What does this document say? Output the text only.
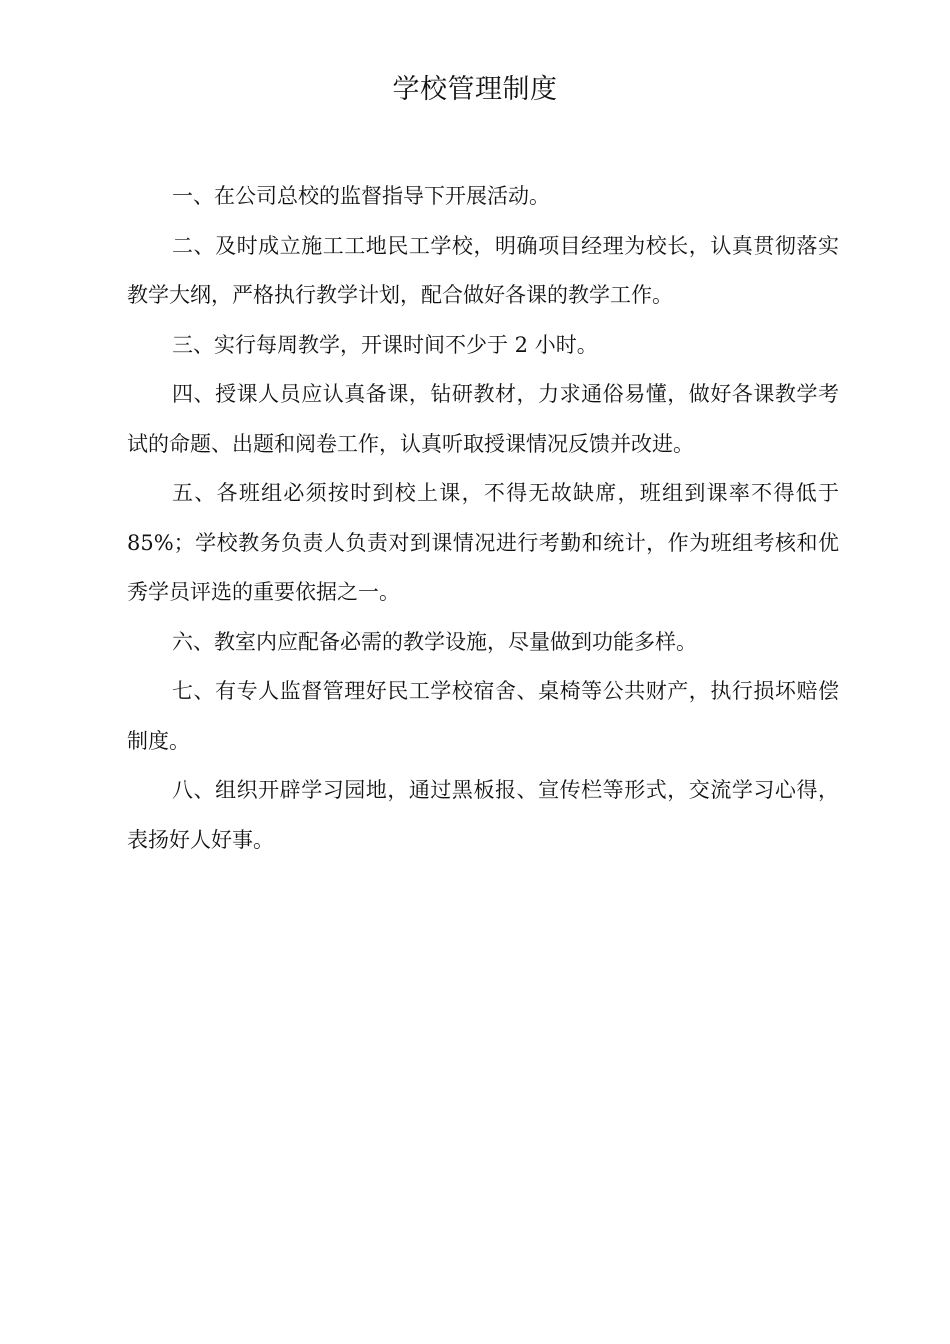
学校管理制度

一、在公司总校的监督指导下开展活动。

二、及时成立施工工地民工学校，明确项目经理为校长，认真贯彻落实教学大纲，严格执行教学计划，配合做好各课的教学工作。

三、实行每周教学，开课时间不少于 2 小时。

四、授课人员应认真备课，钻研教材，力求通俗易懂，做好各课教学考试的命题、出题和阅卷工作，认真听取授课情况反馈并改进。

五、各班组必须按时到校上课，不得无故缺席，班组到课率不得低于85%；学校教务负责人负责对到课情况进行考勤和统计，作为班组考核和优秀学员评选的重要依据之一。

六、教室内应配备必需的教学设施，尽量做到功能多样。

七、有专人监督管理好民工学校宿舍、桌椅等公共财产，执行损坏赔偿制度。

八、组织开辟学习园地，通过黑板报、宣传栏等形式，交流学习心得，表扬好人好事。
